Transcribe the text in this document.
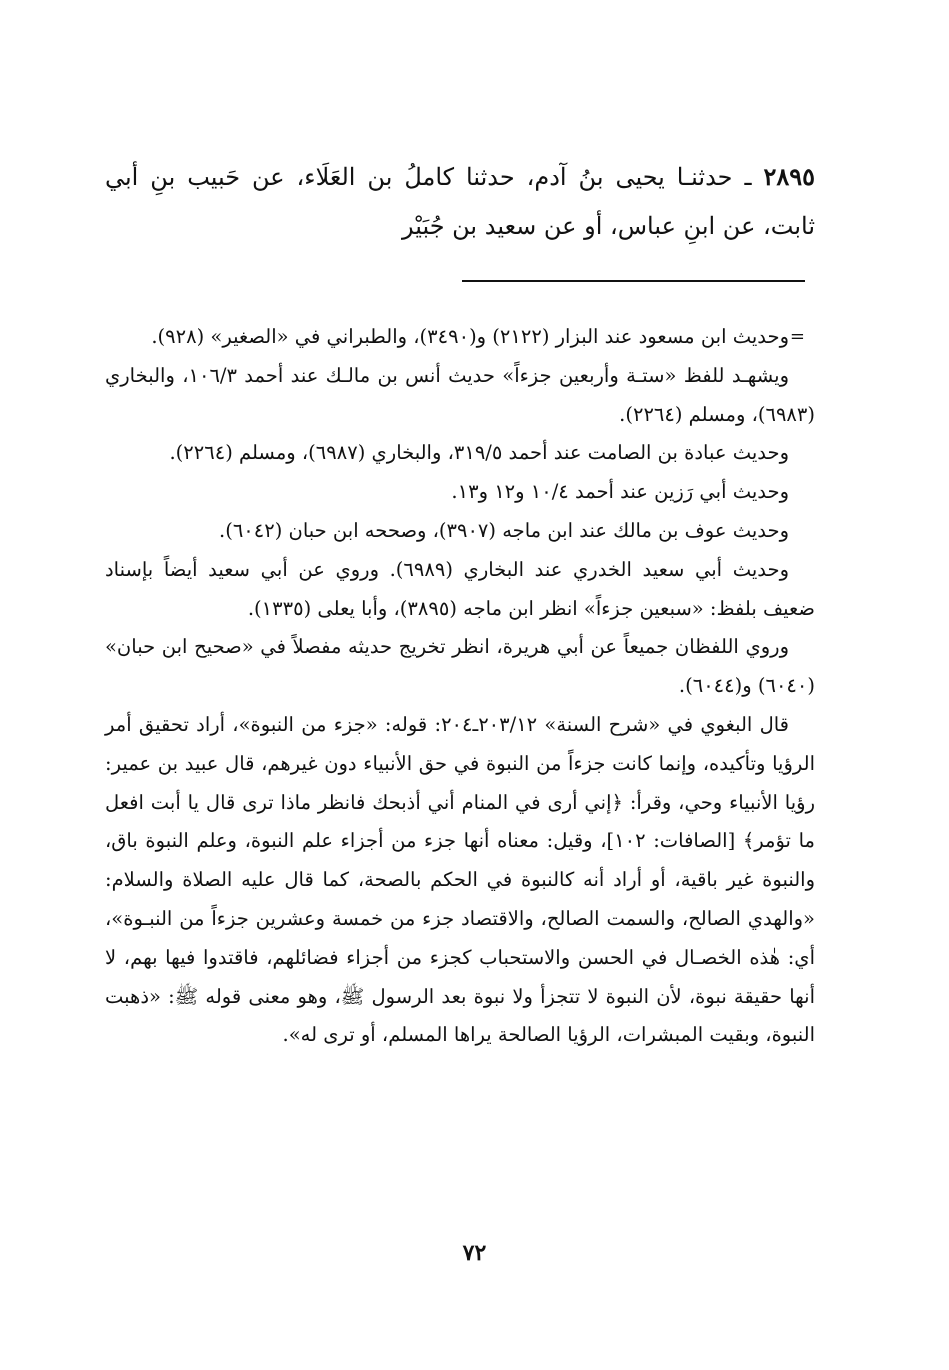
٢٨٩٥ ـ حدثنـا يحيى بنُ آدم، حدثنا كاملُ بن العَلَاء، عن حَبيب بنِ أبي ثابت، عن ابنِ عباس، أو عن سعيد بن جُبَيْر

=
وحديث ابن مسعود عند البزار (٢١٢٢) و(٣٤٩٠)، والطبراني في «الصغير» (٩٢٨).

ويشهـد للفظ «ستـة وأربعين جزءاً» حديث أنس بن مالـك عند أحمد ١٠٦/٣، والبخاري (٦٩٨٣)، ومسلم (٢٢٦٤).

وحديث عبادة بن الصامت عند أحمد ٣١٩/٥، والبخاري (٦٩٨٧)، ومسلم (٢٢٦٤).

وحديث أبي رَزين عند أحمد ١٠/٤ و١٢ و١٣.

وحديث عوف بن مالك عند ابن ماجه (٣٩٠٧)، وصححه ابن حبان (٦٠٤٢).

وحديث أبي سعيد الخدري عند البخاري (٦٩٨٩). وروي عن أبي سعيد أيضاً بإسناد ضعيف بلفظ: «سبعين جزءاً» انظر ابن ماجه (٣٨٩٥)، وأبا يعلى (١٣٣٥).

وروي اللفظان جميعاً عن أبي هريرة، انظر تخريج حديثه مفصلاً في «صحيح ابن حبان» (٦٠٤٠) و(٦٠٤٤).

قال البغوي في «شرح السنة» ٢٠٣/١٢ـ٢٠٤: قوله: «جزء من النبوة»، أراد تحقيق أمر الرؤيا وتأكيده، وإنما كانت جزءاً من النبوة في حق الأنبياء دون غيرهم، قال عبيد بن عمير: رؤيا الأنبياء وحي، وقرأ: ﴿إني أرى في المنام أني أذبحك فانظر ماذا ترى قال يا أبت افعل ما تؤمر﴾ [الصافات: ١٠٢]، وقيل: معناه أنها جزء من أجزاء علم النبوة، وعلم النبوة باق، والنبوة غير باقية، أو أراد أنه كالنبوة في الحكم بالصحة، كما قال عليه الصلاة والسلام: «والهدي الصالح، والسمت الصالح، والاقتصاد جزء من خمسة وعشرين جزءاً من النبـوة»، أي: هٰذه الخصـال في الحسن والاستحباب كجزء من أجزاء فضائلهم، فاقتدوا فيها بهم، لا أنها حقيقة نبوة، لأن النبوة لا تتجزأ ولا نبوة بعد الرسول ﷺ، وهو معنى قوله ﷺ: «ذهبت النبوة، وبقيت المبشرات، الرؤيا الصالحة يراها المسلم، أو ترى له».

٧٢
